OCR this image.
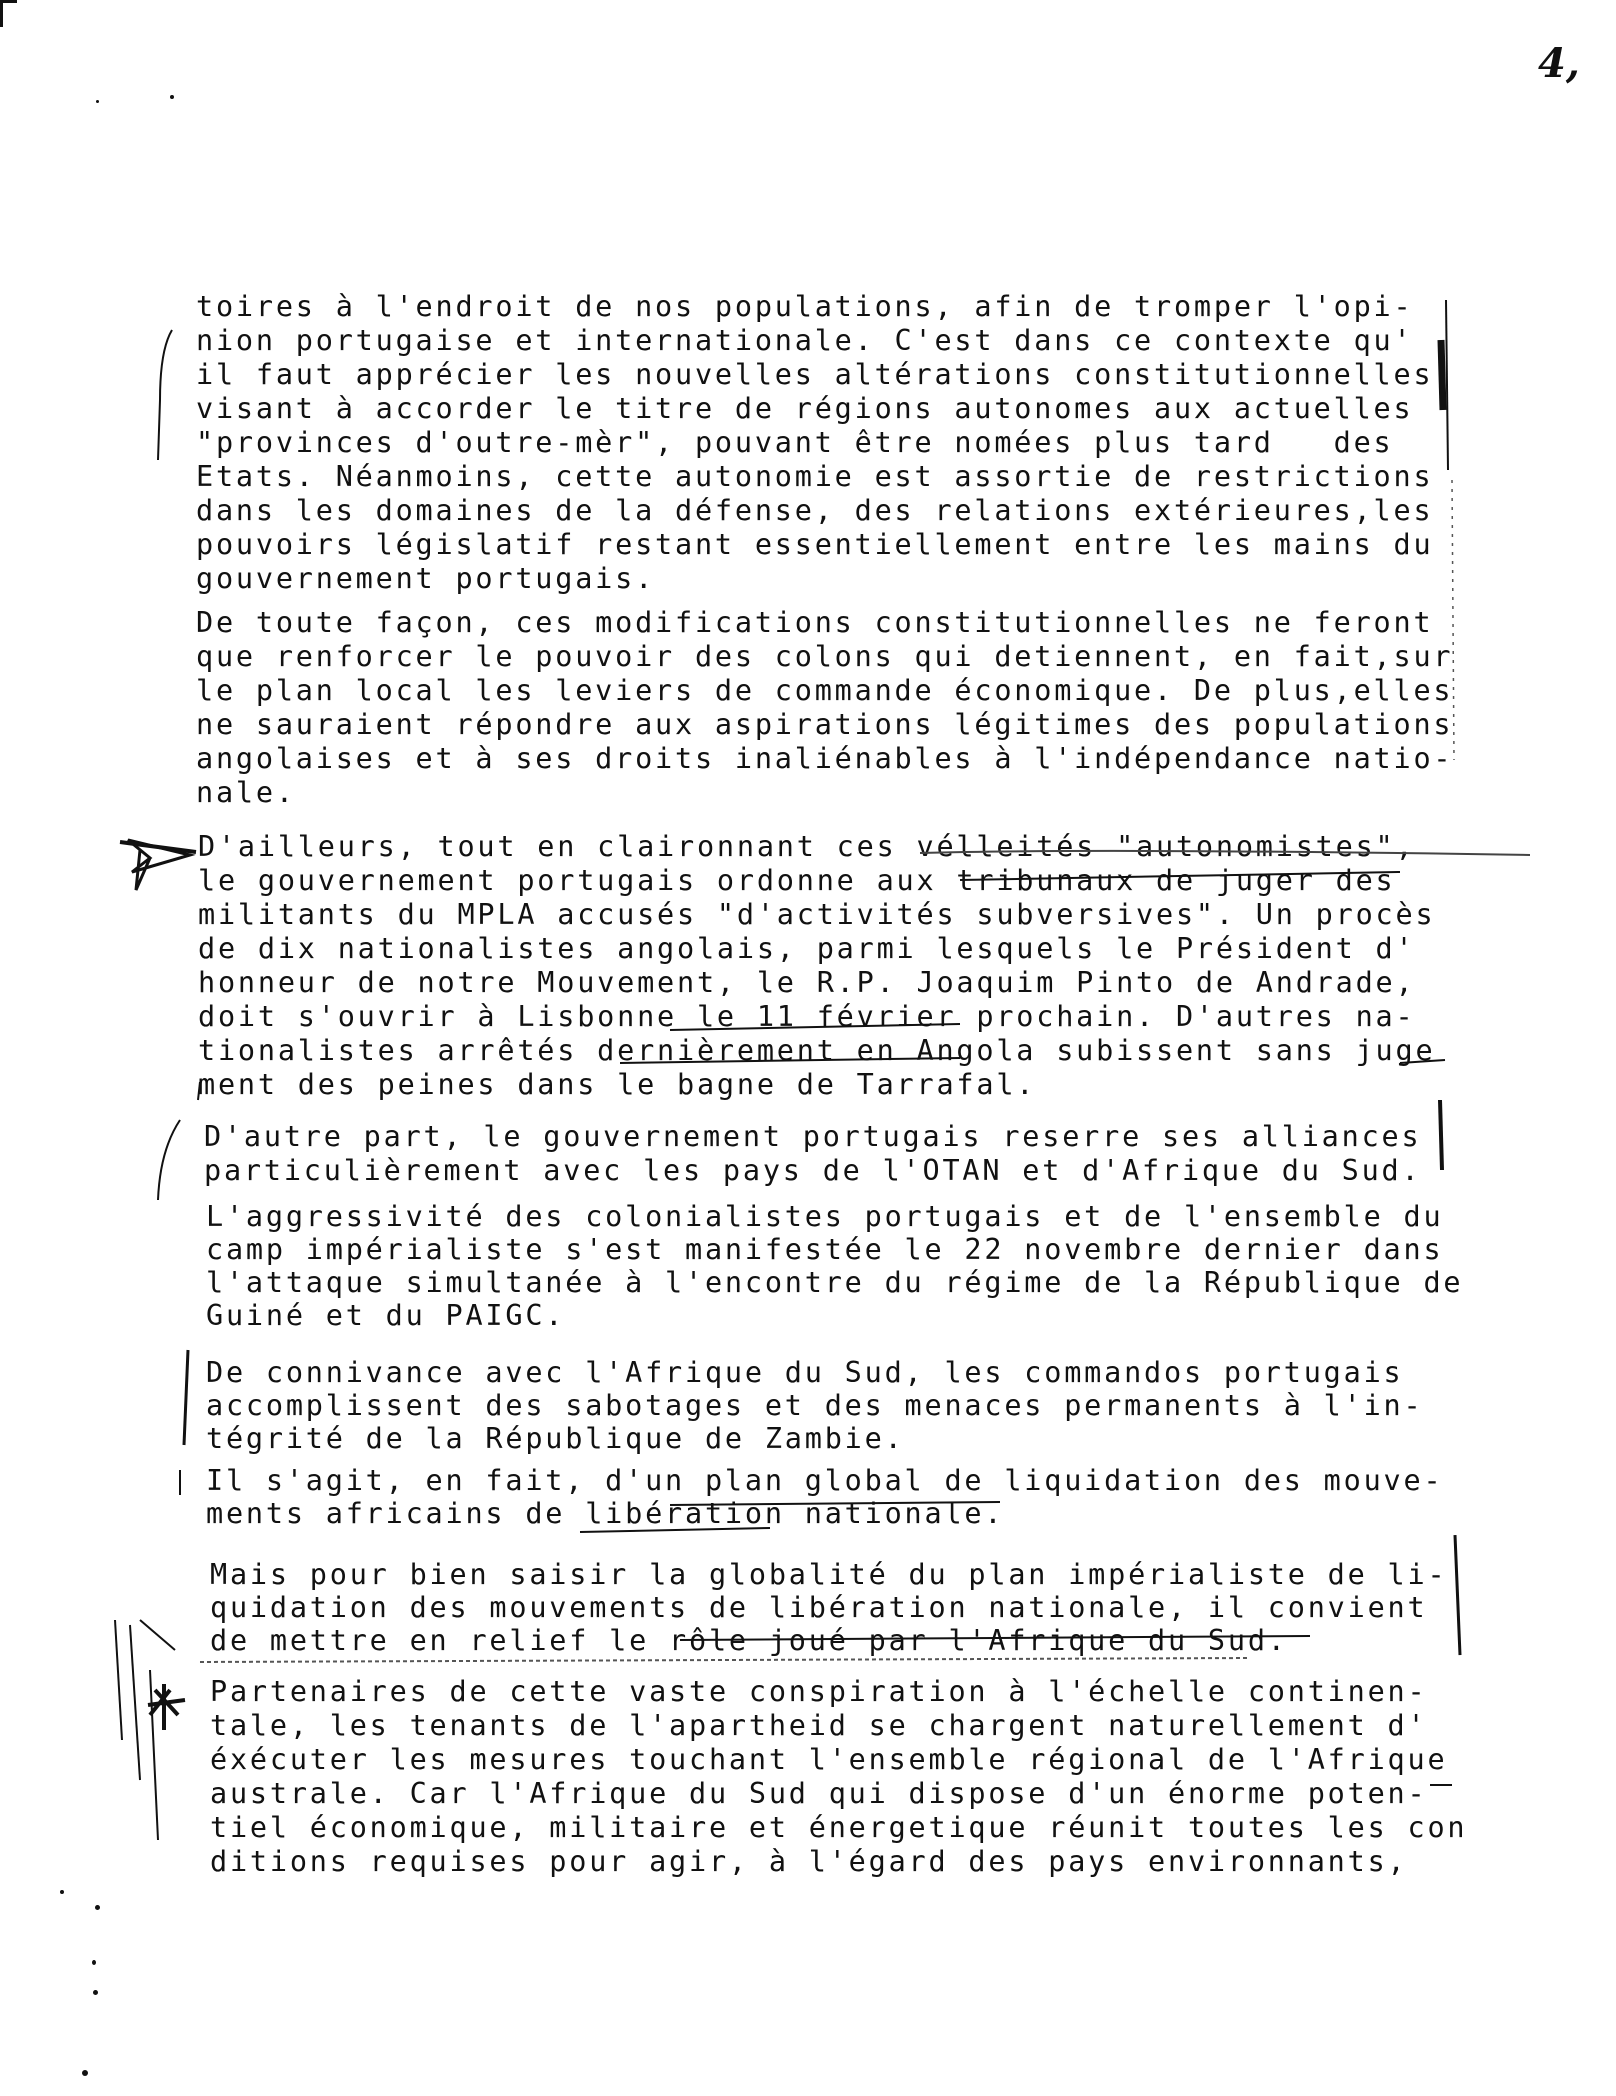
4,
toires à l'endroit de nos populations, afin de tromper l'opi-
nion portugaise et internationale. C'est dans ce contexte qu'
il faut apprécier les nouvelles altérations constitutionnelles
visant à accorder le titre de régions autonomes aux actuelles
"provinces d'outre-mèr", pouvant être nomées plus tard   des
Etats. Néanmoins, cette autonomie est assortie de restrictions
dans les domaines de la défense, des relations extérieures,les
pouvoirs législatif restant essentiellement entre les mains du
gouvernement portugais.
De toute façon, ces modifications constitutionnelles ne feront
que renforcer le pouvoir des colons qui detiennent, en fait,sur
le plan local les leviers de commande économique. De plus,elles
ne sauraient répondre aux aspirations légitimes des populations
angolaises et à ses droits inaliénables à l'indépendance natio-
nale.
D'ailleurs, tout en claironnant ces vélleités "autonomistes",
le gouvernement portugais ordonne aux tribunaux de juger des
militants du MPLA accusés "d'activités subversives". Un procès
de dix nationalistes angolais, parmi lesquels le Président d'
honneur de notre Mouvement, le R.P. Joaquim Pinto de Andrade,
doit s'ouvrir à Lisbonne le 11 février prochain. D'autres na-
tionalistes arrêtés dernièrement en Angola subissent sans juge
ment des peines dans le bagne de Tarrafal.
D'autre part, le gouvernement portugais reserre ses alliances
particulièrement avec les pays de l'OTAN et d'Afrique du Sud.
L'aggressivité des colonialistes portugais et de l'ensemble du
camp impérialiste s'est manifestée le 22 novembre dernier dans
l'attaque simultanée à l'encontre du régime de la République de
Guiné et du PAIGC.
De connivance avec l'Afrique du Sud, les commandos portugais
accomplissent des sabotages et des menaces permanents à l'in-
tégrité de la République de Zambie.
Il s'agit, en fait, d'un plan global de liquidation des mouve-
ments africains de libération nationale.
Mais pour bien saisir la globalité du plan impérialiste de li-
quidation des mouvements de libération nationale, il convient
de mettre en relief le rôle joué par l'Afrique du Sud.
Partenaires de cette vaste conspiration à l'échelle continen-
tale, les tenants de l'apartheid se chargent naturellement d'
éxécuter les mesures touchant l'ensemble régional de l'Afrique
australe. Car l'Afrique du Sud qui dispose d'un énorme poten-
tiel économique, militaire et énergetique réunit toutes les con
ditions requises pour agir, à l'égard des pays environnants,
